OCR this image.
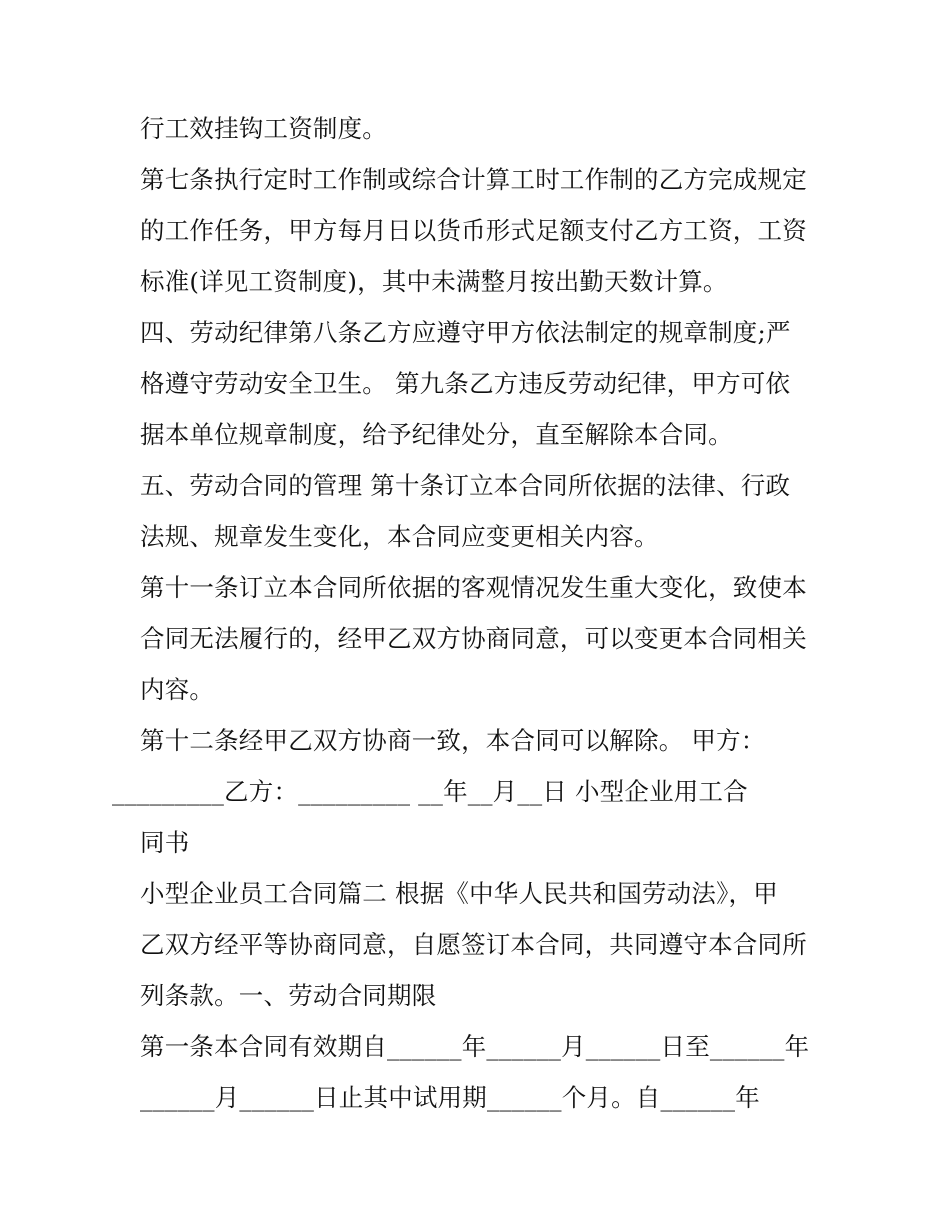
行工效挂钩工资制度。
第七条执行定时工作制或综合计算工时工作制的乙方完成规定
的工作任务，甲方每月日以货币形式足额支付乙方工资，工资
标准(详见工资制度)，其中未满整月按出勤天数计算。
四、劳动纪律第八条乙方应遵守甲方依法制定的规章制度;严
格遵守劳动安全卫生。 第九条乙方违反劳动纪律，甲方可依
据本单位规章制度，给予纪律处分，直至解除本合同。
五、劳动合同的管理 第十条订立本合同所依据的法律、行政
法规、规章发生变化，本合同应变更相关内容。
第十一条订立本合同所依据的客观情况发生重大变化，致使本
合同无法履行的，经甲乙双方协商同意，可以变更本合同相关
内容。
第十二条经甲乙双方协商一致，本合同可以解除。 甲方：
_________乙方：_________ __年__月__日 小型企业用工合
同书
小型企业员工合同篇二 根据《中华人民共和国劳动法》，甲
乙双方经平等协商同意，自愿签订本合同，共同遵守本合同所
列条款。一、劳动合同期限
第一条本合同有效期自______年______月______日至______年
______月______日止其中试用期______个月。自______年
